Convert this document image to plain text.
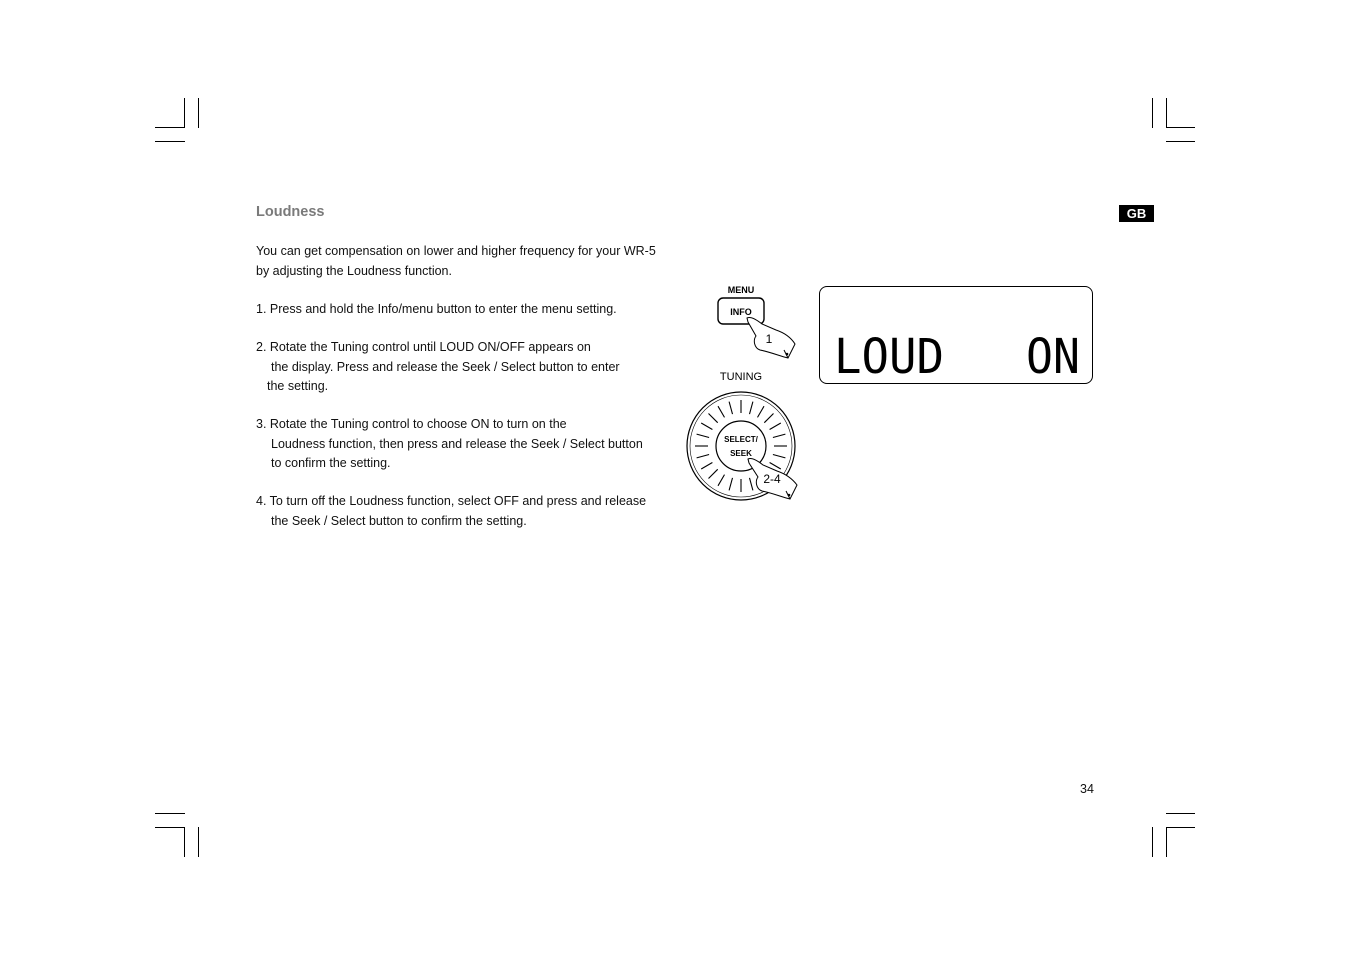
Loudness	GB
You can get compensation on lower and higher frequency for your WR-5
by adjusting the Loudness function.
1. Press and hold the Info/menu button to enter the menu setting.
2. Rotate the Tuning control until LOUD ON/OFF appears on
the display. Press and release the Seek / Select button to enter
the setting.
3. Rotate the Tuning control to choose ON to turn on the
Loudness function, then press and release the Seek / Select button
to confirm the setting.
4. To turn off the Loudness function, select OFF and press and release
the Seek / Select button to confirm the setting.
MENU
INFO
1
TUNING
SELECT/
SEEK
2-4
LOUD ON
34
